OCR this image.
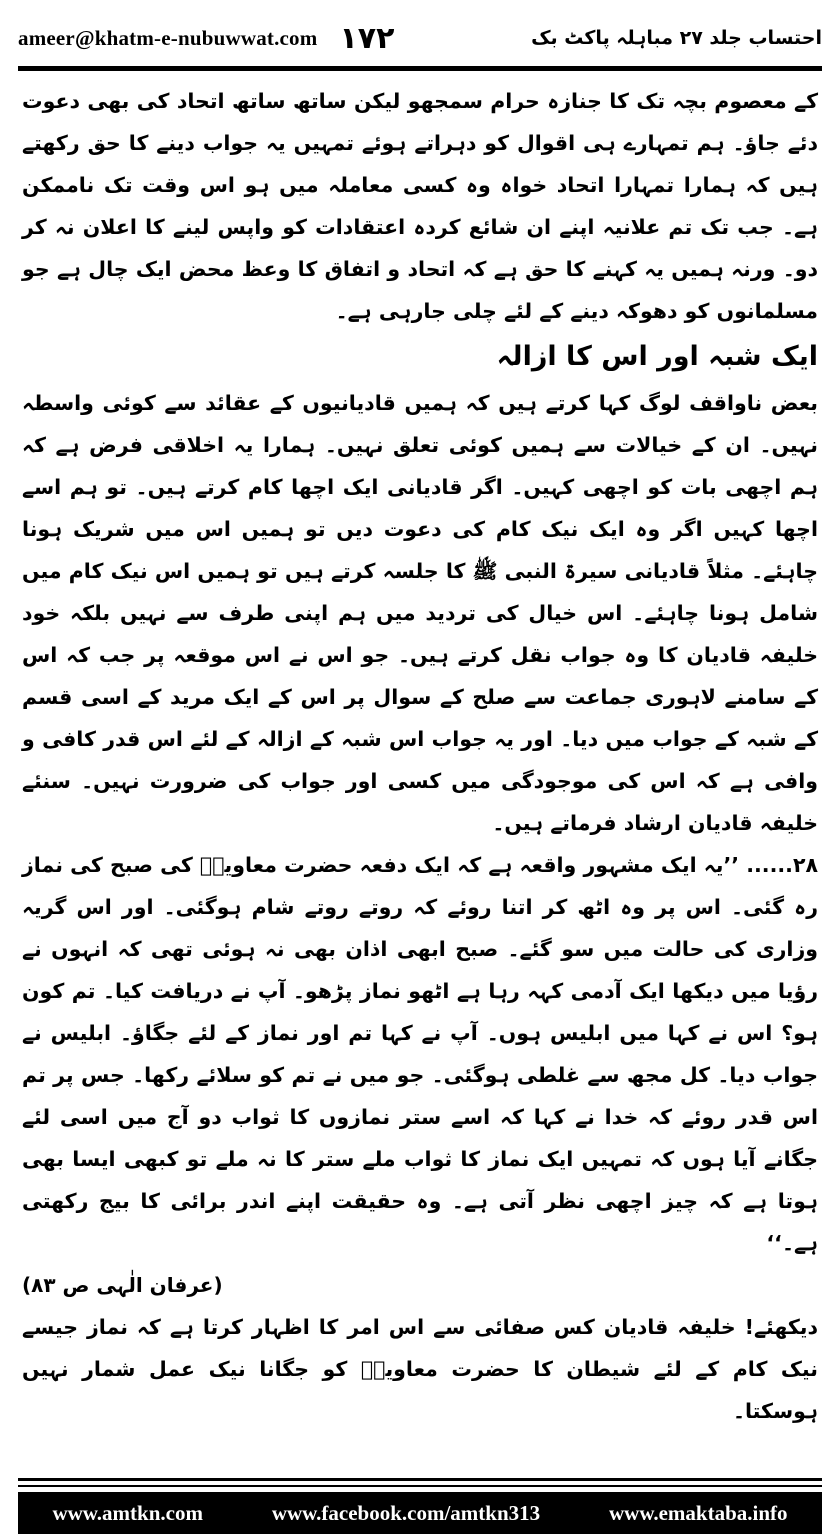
ameer@khatm-e-nubuwwat.com ۱۷۲	احتساب جلد ۲۷ مباہلہ پاکٹ بک

کے معصوم بچہ تک کا جنازہ حرام سمجھو لیکن ساتھ ساتھ اتحاد کی بھی دعوت دئے جاؤ۔ ہم تمہارے ہی اقوال کو دہراتے ہوئے تمہیں یہ جواب دینے کا حق رکھتے ہیں کہ ہمارا تمہارا اتحاد خواہ وہ کسی معاملہ میں ہو اس وقت تک ناممکن ہے۔ جب تک تم علانیہ اپنے ان شائع کردہ اعتقادات کو واپس لینے کا اعلان نہ کر دو۔ ورنہ ہمیں یہ کہنے کا حق ہے کہ اتحاد و اتفاق کا وعظ محض ایک چال ہے جو مسلمانوں کو دھوکہ دینے کے لئے چلی جارہی ہے۔

ایک شبہ اور اس کا ازالہ

بعض ناواقف لوگ کہا کرتے ہیں کہ ہمیں قادیانیوں کے عقائد سے کوئی واسطہ نہیں۔ ان کے خیالات سے ہمیں کوئی تعلق نہیں۔ ہمارا یہ اخلاقی فرض ہے کہ ہم اچھی بات کو اچھی کہیں۔ اگر قادیانی ایک اچھا کام کرتے ہیں۔ تو ہم اسے اچھا کہیں اگر وہ ایک نیک کام کی دعوت دیں تو ہمیں اس میں شریک ہونا چاہئے۔ مثلاً قادیانی سیرۃ النبی ﷺ کا جلسہ کرتے ہیں تو ہمیں اس نیک کام میں شامل ہونا چاہئے۔ اس خیال کی تردید میں ہم اپنی طرف سے نہیں بلکہ خود خلیفہ قادیان کا وہ جواب نقل کرتے ہیں۔ جو اس نے اس موقعہ پر جب کہ اس کے سامنے لاہوری جماعت سے صلح کے سوال پر اس کے ایک مرید کے اسی قسم کے شبہ کے جواب میں دیا۔ اور یہ جواب اس شبہ کے ازالہ کے لئے اس قدر کافی و وافی ہے کہ اس کی موجودگی میں کسی اور جواب کی ضرورت نہیں۔ سنئے خلیفہ قادیان ارشاد فرماتے ہیں۔

۲۸...... ’’یہ ایک مشہور واقعہ ہے کہ ایک دفعہ حضرت معاویہؓ کی صبح کی نماز رہ گئی۔ اس پر وہ اٹھ کر اتنا روئے کہ روتے روتے شام ہوگئی۔ اور اس گریہ وزاری کی حالت میں سو گئے۔ صبح ابھی اذان بھی نہ ہوئی تھی کہ انہوں نے رؤیا میں دیکھا ایک آدمی کہہ رہا ہے اٹھو نماز پڑھو۔ آپ نے دریافت کیا۔ تم کون ہو؟ اس نے کہا میں ابلیس ہوں۔ آپ نے کہا تم اور نماز کے لئے جگاؤ۔ ابلیس نے جواب دیا۔ کل مجھ سے غلطی ہوگئی۔ جو میں نے تم کو سلائے رکھا۔ جس پر تم اس قدر روئے کہ خدا نے کہا کہ اسے ستر نمازوں کا ثواب دو آج میں اسی لئے جگانے آیا ہوں کہ تمہیں ایک نماز کا ثواب ملے ستر کا نہ ملے تو کبھی ایسا بھی ہوتا ہے کہ چیز اچھی نظر آتی ہے۔ وہ حقیقت اپنے اندر برائی کا بیج رکھتی ہے۔‘‘

(عرفان الٰہی ص ۸۳)

دیکھئے! خلیفہ قادیان کس صفائی سے اس امر کا اظہار کرتا ہے کہ نماز جیسے نیک کام کے لئے شیطان کا حضرت معاویہؓ کو جگانا نیک عمل شمار نہیں ہوسکتا۔

www.amtkn.com	www.facebook.com/amtkn313	www.emaktaba.info
